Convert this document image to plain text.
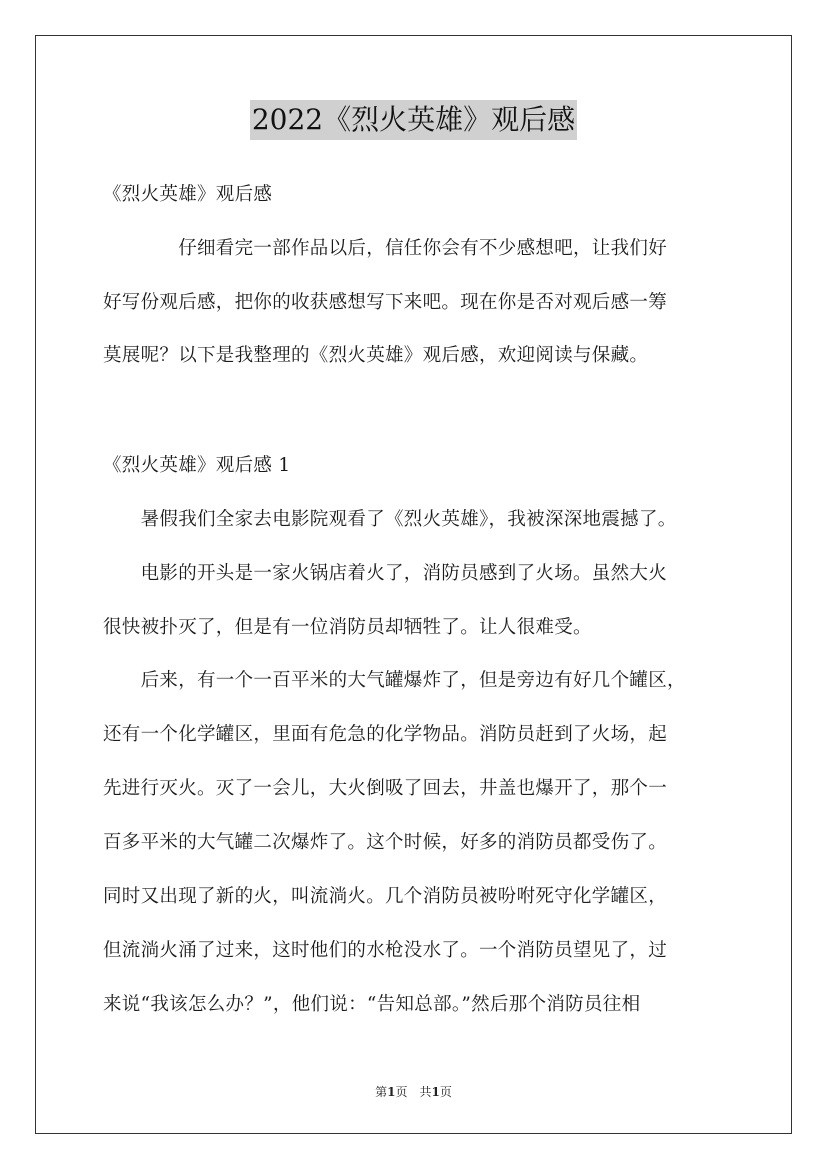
2022《烈火英雄》观后感
《烈火英雄》观后感
　　　　仔细看完一部作品以后，信任你会有不少感想吧，让我们好
好写份观后感，把你的收获感想写下来吧。现在你是否对观后感一筹
莫展呢？以下是我整理的《烈火英雄》观后感，欢迎阅读与保藏。
《烈火英雄》观后感 1
　　暑假我们全家去电影院观看了《烈火英雄》，我被深深地震撼了。
　　电影的开头是一家火锅店着火了，消防员感到了火场。虽然大火
很快被扑灭了，但是有一位消防员却牺牲了。让人很难受。
　　后来，有一个一百平米的大气罐爆炸了，但是旁边有好几个罐区，
还有一个化学罐区，里面有危急的化学物品。消防员赶到了火场，起
先进行灭火。灭了一会儿，大火倒吸了回去，井盖也爆开了，那个一
百多平米的大气罐二次爆炸了。这个时候，好多的消防员都受伤了。
同时又出现了新的火，叫流淌火。几个消防员被吩咐死守化学罐区，
但流淌火涌了过来，这时他们的水枪没水了。一个消防员望见了，过
来说“我该怎么办？”，他们说：“告知总部。”然后那个消防员往相
第1页　共1页
